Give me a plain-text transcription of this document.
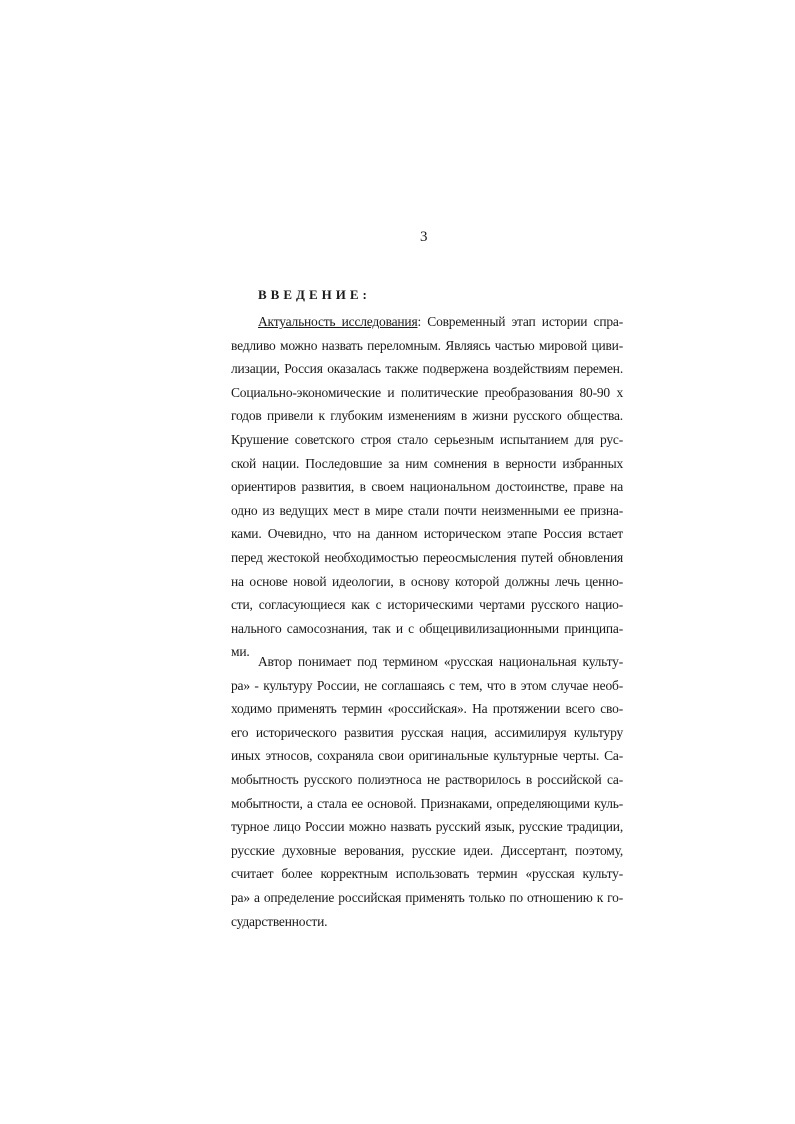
3
ВВЕДЕНИЕ:
Актуальность исследования: Современный этап истории спра-
ведливо можно назвать переломным. Являясь частью мировой циви-
лизации, Россия оказалась также подвержена воздействиям перемен.
Социально-экономические и политические преобразования 80-90 х
годов привели к глубоким изменениям в жизни русского общества.
Крушение советского строя стало серьезным испытанием для рус-
ской нации. Последовшие за ним сомнения в верности избранных
ориентиров развития, в своем национальном достоинстве, праве на
одно из ведущих мест в мире стали почти неизменными ее призна-
ками. Очевидно, что на данном историческом этапе Россия встает
перед жестокой необходимостью переосмысления путей обновления
на основе новой идеологии, в основу которой должны лечь ценно-
сти, согласующиеся как с историческими чертами русского нацио-
нального самосознания, так и с общецивилизационными принципа-
ми.
Автор понимает под термином «русская национальная культу-
ра» - культуру России, не соглашаясь с тем, что в этом случае необ-
ходимо применять термин «российская». На протяжении всего сво-
его исторического развития русская нация, ассимилируя культуру
иных этносов, сохраняла свои оригинальные культурные черты. Са-
мобытность русского полиэтноса не растворилось в российской са-
мобытности, а стала ее основой. Признаками, определяющими куль-
турное лицо России можно назвать русский язык, русские традиции,
русские духовные верования, русские идеи. Диссертант, поэтому,
считает более корректным использовать термин «русская культу-
ра» а определение российская применять только по отношению к го-
сударственности.
